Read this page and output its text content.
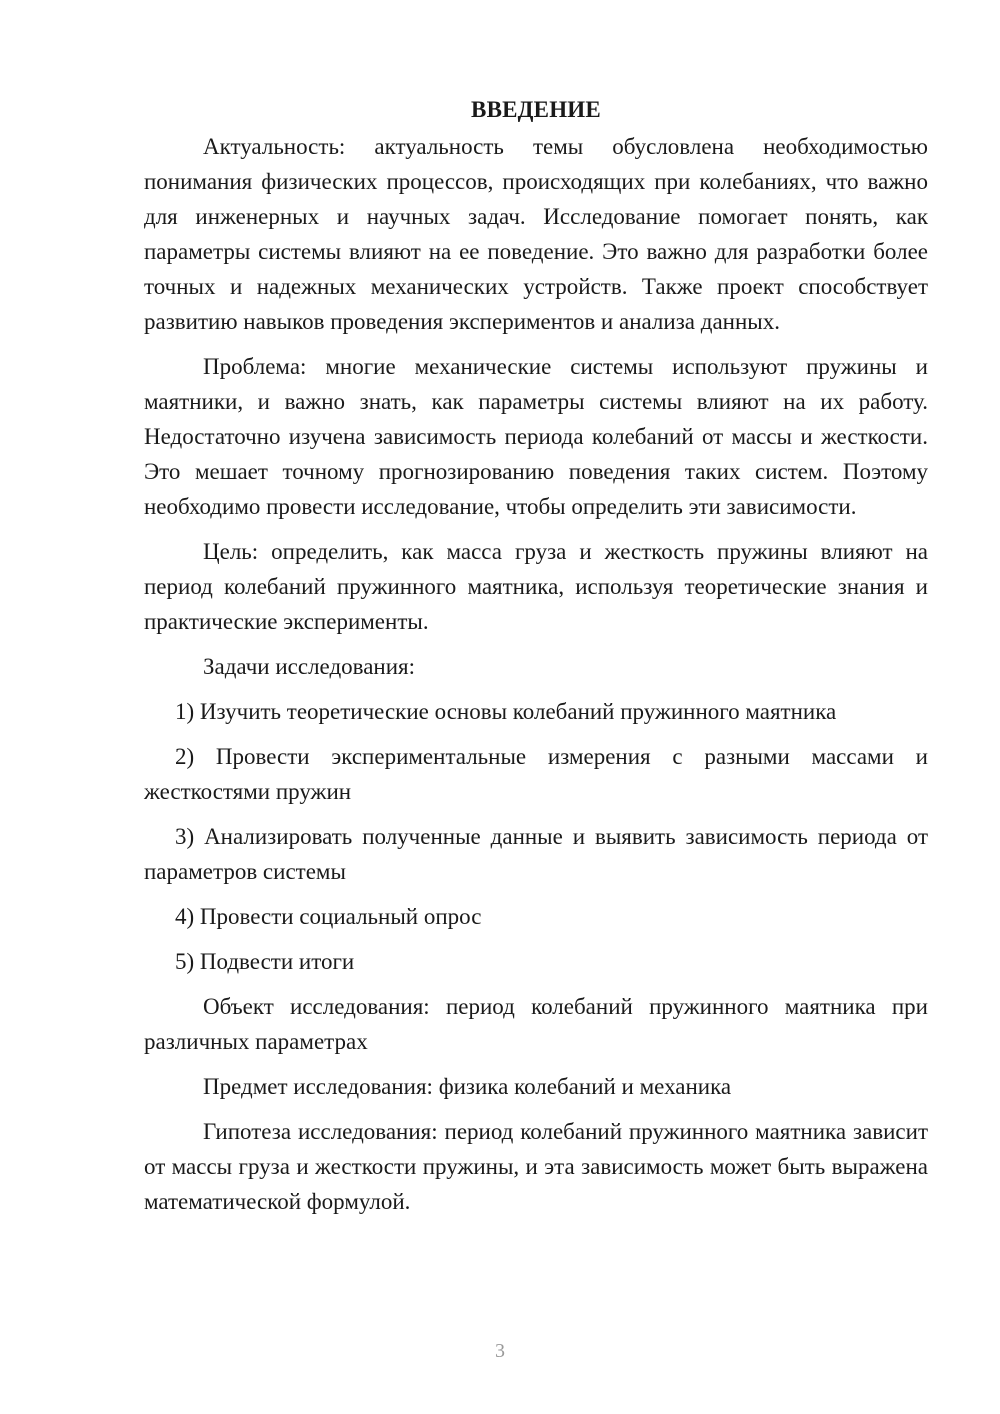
ВВЕДЕНИЕ

Актуальность: актуальность темы обусловлена необходимостью понимания физических процессов, происходящих при колебаниях, что важно для инженерных и научных задач. Исследование помогает понять, как параметры системы влияют на ее поведение. Это важно для разработки более точных и надежных механических устройств. Также проект способствует развитию навыков проведения экспериментов и анализа данных.

Проблема: многие механические системы используют пружины и маятники, и важно знать, как параметры системы влияют на их работу. Недостаточно изучена зависимость периода колебаний от массы и жесткости. Это мешает точному прогнозированию поведения таких систем. Поэтому необходимо провести исследование, чтобы определить эти зависимости.

Цель: определить, как масса груза и жесткость пружины влияют на период колебаний пружинного маятника, используя теоретические знания и практические эксперименты.

Задачи исследования:

1) Изучить теоретические основы колебаний пружинного маятника

2) Провести экспериментальные измерения с разными массами и жесткостями пружин

3) Анализировать полученные данные и выявить зависимость периода от параметров системы

4) Провести социальный опрос

5) Подвести итоги

Объект исследования: период колебаний пружинного маятника при различных параметрах

Предмет исследования: физика колебаний и механика

Гипотеза исследования: период колебаний пружинного маятника зависит от массы груза и жесткости пружины, и эта зависимость может быть выражена математической формулой.

3
